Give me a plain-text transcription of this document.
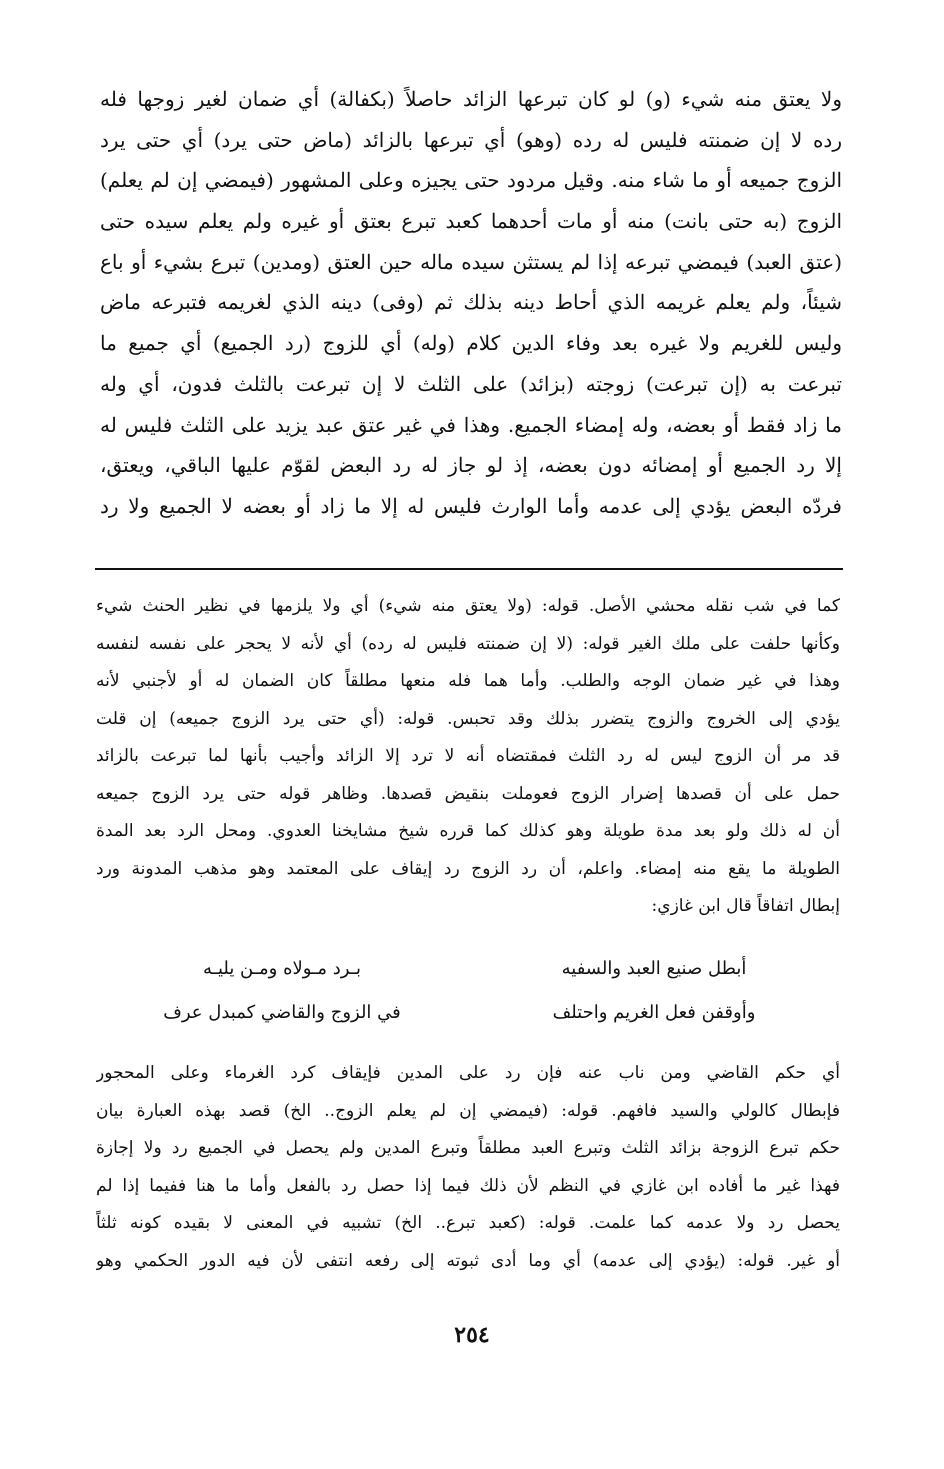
ولا يعتق منه شيء (و) لو كان تبرعها الزائد حاصلاً (بكفالة) أي ضمان لغير زوجها فله
رده لا إن ضمنته فليس له رده (وهو) أي تبرعها بالزائد (ماض حتى يرد) أي حتى يرد
الزوج جميعه أو ما شاء منه. وقيل مردود حتى يجيزه وعلى المشهور (فيمضي إن لم يعلم)
الزوج (به حتى بانت) منه أو مات أحدهما كعبد تبرع بعتق أو غيره ولم يعلم سيده حتى
(عتق العبد) فيمضي تبرعه إذا لم يستثن سيده ماله حين العتق (ومدين) تبرع بشيء أو باع
شيئاً، ولم يعلم غريمه الذي أحاط دينه بذلك ثم (وفى) دينه الذي لغريمه فتبرعه ماض
وليس للغريم ولا غيره بعد وفاء الدين كلام (وله) أي للزوج (رد الجميع) أي جميع ما
تبرعت به (إن تبرعت) زوجته (بزائد) على الثلث لا إن تبرعت بالثلث فدون، أي وله
ما زاد فقط أو بعضه، وله إمضاء الجميع. وهذا في غير عتق عبد يزيد على الثلث فليس له
إلا رد الجميع أو إمضائه دون بعضه، إذ لو جاز له رد البعض لقوّم عليها الباقي، ويعتق،
فردّه البعض يؤدي إلى عدمه وأما الوارث فليس له إلا ما زاد أو بعضه لا الجميع ولا رد
كما في شب نقله محشي الأصل. قوله: (ولا يعتق منه شيء) أي ولا يلزمها في نظير الحنث شيء
وكأنها حلفت على ملك الغير قوله: (لا إن ضمنته فليس له رده) أي لأنه لا يحجر على نفسه لنفسه
وهذا في غير ضمان الوجه والطلب. وأما هما فله منعها مطلقاً كان الضمان له أو لأجنبي لأنه
يؤدي إلى الخروج والزوج يتضرر بذلك وقد تحبس. قوله: (أي حتى يرد الزوج جميعه) إن قلت
قد مر أن الزوج ليس له رد الثلث فمقتضاه أنه لا ترد إلا الزائد وأجيب بأنها لما تبرعت بالزائد
حمل على أن قصدها إضرار الزوج فعوملت بنقيض قصدها. وظاهر قوله حتى يرد الزوج جميعه
أن له ذلك ولو بعد مدة طويلة وهو كذلك كما قرره شيخ مشايخنا العدوي. ومحل الرد بعد المدة
الطويلة ما يقع منه إمضاء. واعلم، أن رد الزوج رد إيقاف على المعتمد وهو مذهب المدونة ورد
إبطال اتفاقاً قال ابن غازي:
أبطل صنيع العبد والسفيه
بـرد مـولاه ومـن يليـه
وأوقفن فعل الغريم واحتلف
في الزوج والقاضي كمبدل عرف
أي حكم القاضي ومن ناب عنه فإن رد على المدين فإيقاف كرد الغرماء وعلى المحجور
فإبطال كالولي والسيد فافهم. قوله: (فيمضي إن لم يعلم الزوج.. الخ) قصد بهذه العبارة بيان
حكم تبرع الزوجة بزائد الثلث وتبرع العبد مطلقاً وتبرع المدين ولم يحصل في الجميع رد ولا إجازة
فهذا غير ما أفاده ابن غازي في النظم لأن ذلك فيما إذا حصل رد بالفعل وأما ما هنا ففيما إذا لم
يحصل رد ولا عدمه كما علمت. قوله: (كعبد تبرع.. الخ) تشبيه في المعنى لا بقيده كونه ثلثاً
أو غير. قوله: (يؤدي إلى عدمه) أي وما أدى ثبوته إلى رفعه انتفى لأن فيه الدور الحكمي وهو
٢٥٤
